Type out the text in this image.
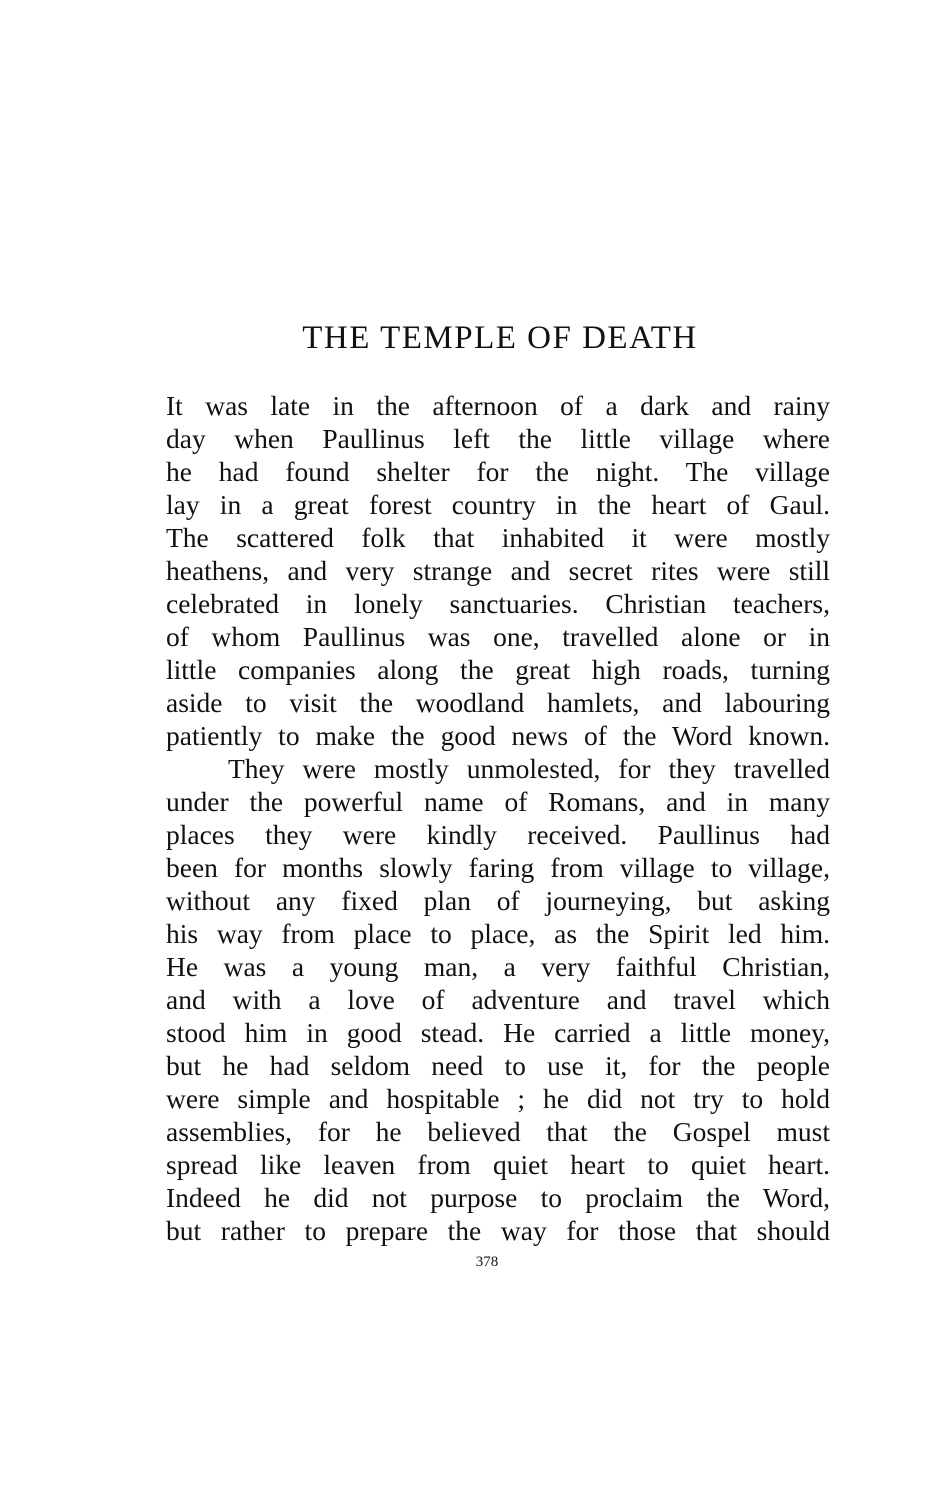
THE TEMPLE OF DEATH
It was late in the afternoon of a dark and rainy
day when Paullinus left the little village where
he had found shelter for the night. The village
lay in a great forest country in the heart of Gaul.
The scattered folk that inhabited it were mostly
heathens, and very strange and secret rites were still
celebrated in lonely sanctuaries. Christian teachers,
of whom Paullinus was one, travelled alone or in
little companies along the great high roads, turning
aside to visit the woodland hamlets, and labouring
patiently to make the good news of the Word known.
They were mostly unmolested, for they travelled
under the powerful name of Romans, and in many
places they were kindly received. Paullinus had
been for months slowly faring from village to village,
without any fixed plan of journeying, but asking
his way from place to place, as the Spirit led him.
He was a young man, a very faithful Christian,
and with a love of adventure and travel which
stood him in good stead. He carried a little money,
but he had seldom need to use it, for the people
were simple and hospitable ; he did not try to hold
assemblies, for he believed that the Gospel must
spread like leaven from quiet heart to quiet heart.
Indeed he did not purpose to proclaim the Word,
but rather to prepare the way for those that should
378
